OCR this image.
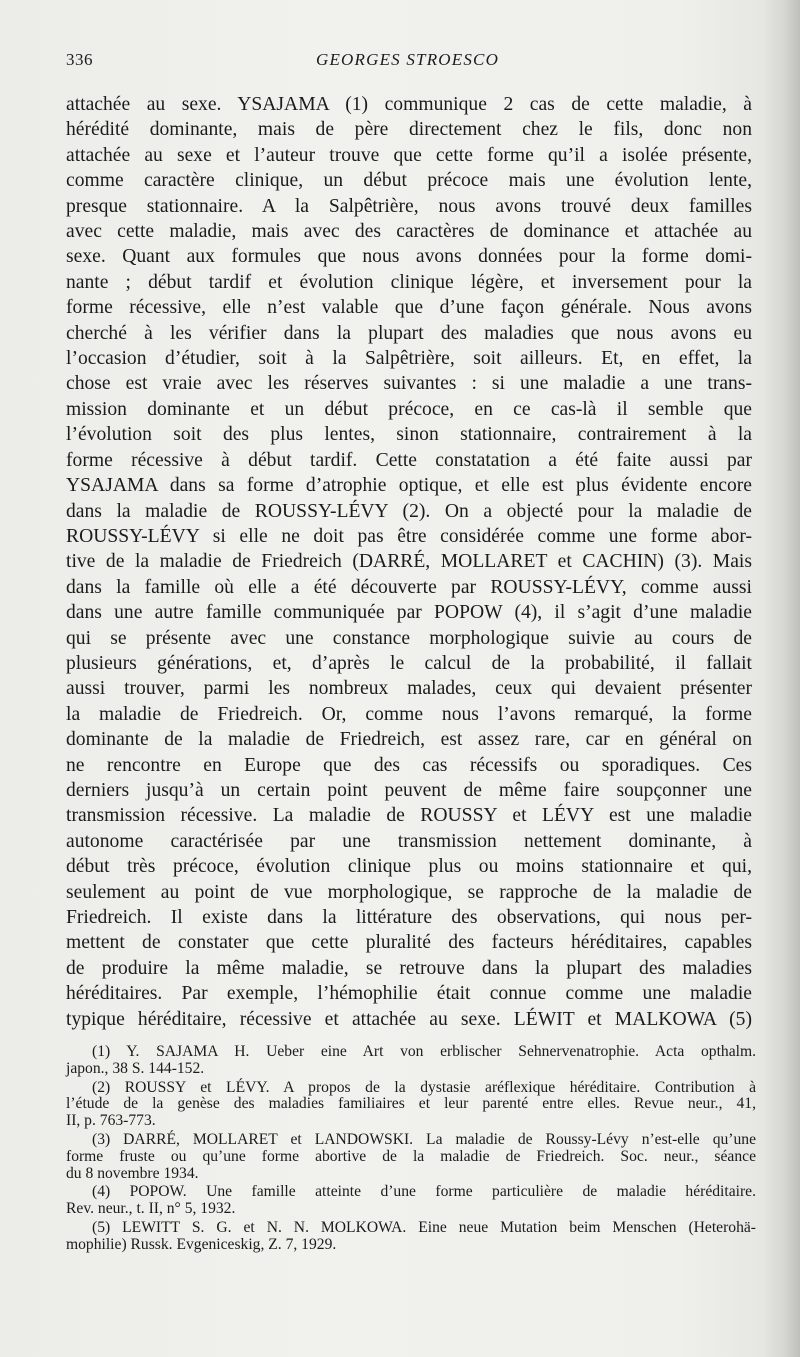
336	GEORGES STROESCO

attachée au sexe. YSAJAMA (1) communique 2 cas de cette maladie, à
hérédité dominante, mais de père directement chez le fils, donc non
attachée au sexe et l’auteur trouve que cette forme qu’il a isolée présente,
comme caractère clinique, un début précoce mais une évolution lente,
presque stationnaire. A la Salpêtrière, nous avons trouvé deux familles
avec cette maladie, mais avec des caractères de dominance et attachée au
sexe. Quant aux formules que nous avons données pour la forme domi-
nante ; début tardif et évolution clinique légère, et inversement pour la
forme récessive, elle n’est valable que d’une façon générale. Nous avons
cherché à les vérifier dans la plupart des maladies que nous avons eu
l’occasion d’étudier, soit à la Salpêtrière, soit ailleurs. Et, en effet, la
chose est vraie avec les réserves suivantes : si une maladie a une trans-
mission dominante et un début précoce, en ce cas-là il semble que
l’évolution soit des plus lentes, sinon stationnaire, contrairement à la
forme récessive à début tardif. Cette constatation a été faite aussi par
YSAJAMA dans sa forme d’atrophie optique, et elle est plus évidente encore
dans la maladie de ROUSSY-LÉVY (2). On a objecté pour la maladie de
ROUSSY-LÉVY si elle ne doit pas être considérée comme une forme abor-
tive de la maladie de Friedreich (DARRÉ, MOLLARET et CACHIN) (3). Mais
dans la famille où elle a été découverte par ROUSSY-LÉVY, comme aussi
dans une autre famille communiquée par POPOW (4), il s’agit d’une maladie
qui se présente avec une constance morphologique suivie au cours de
plusieurs générations, et, d’après le calcul de la probabilité, il fallait
aussi trouver, parmi les nombreux malades, ceux qui devaient présenter
la maladie de Friedreich. Or, comme nous l’avons remarqué, la forme
dominante de la maladie de Friedreich, est assez rare, car en général on
ne rencontre en Europe que des cas récessifs ou sporadiques. Ces
derniers jusqu’à un certain point peuvent de même faire soupçonner une
transmission récessive. La maladie de ROUSSY et LÉVY est une maladie
autonome caractérisée par une transmission nettement dominante, à
début très précoce, évolution clinique plus ou moins stationnaire et qui,
seulement au point de vue morphologique, se rapproche de la maladie de
Friedreich. Il existe dans la littérature des observations, qui nous per-
mettent de constater que cette pluralité des facteurs héréditaires, capables
de produire la même maladie, se retrouve dans la plupart des maladies
héréditaires. Par exemple, l’hémophilie était connue comme une maladie
typique héréditaire, récessive et attachée au sexe. LÉWIT et MALKOWA (5)

(1) Y. SAJAMA H. Ueber eine Art von erblischer Sehnervenatrophie. Acta opthalm.
japon., 38 S. 144-152.
(2) ROUSSY et LÉVY. A propos de la dystasie aréflexique héréditaire. Contribution à
l’étude de la genèse des maladies familiaires et leur parenté entre elles. Revue neur., 41,
II, p. 763-773.
(3) DARRÉ, MOLLARET et LANDOWSKI. La maladie de Roussy-Lévy n’est-elle qu’une
forme fruste ou qu’une forme abortive de la maladie de Friedreich. Soc. neur., séance
du 8 novembre 1934.
(4) POPOW. Une famille atteinte d’une forme particulière de maladie héréditaire.
Rev. neur., t. II, n° 5, 1932.
(5) LEWITT S. G. et N. N. MOLKOWA. Eine neue Mutation beim Menschen (Heterohä-
mophilie) Russk. Evgeniceskig, Z. 7, 1929.
